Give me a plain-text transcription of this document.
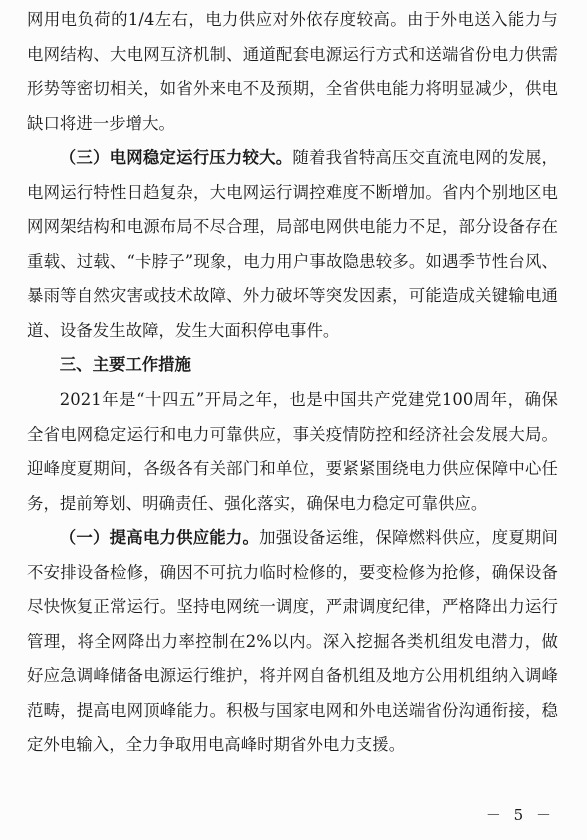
网用电负荷的1/4左右，电力供应对外依存度较高。由于外电送入能力与电网结构、大电网互济机制、通道配套电源运行方式和送端省份电力供需形势等密切相关，如省外来电不及预期，全省供电能力将明显减少，供电缺口将进一步增大。

（三）电网稳定运行压力较大。随着我省特高压交直流电网的发展，电网运行特性日趋复杂，大电网运行调控难度不断增加。省内个别地区电网网架结构和电源布局不尽合理，局部电网供电能力不足，部分设备存在重载、过载、“卡脖子”现象，电力用户事故隐患较多。如遇季节性台风、暴雨等自然灾害或技术故障、外力破坏等突发因素，可能造成关键输电通道、设备发生故障，发生大面积停电事件。

三、主要工作措施

2021年是“十四五”开局之年，也是中国共产党建党100周年，确保全省电网稳定运行和电力可靠供应，事关疫情防控和经济社会发展大局。迎峰度夏期间，各级各有关部门和单位，要紧紧围绕电力供应保障中心任务，提前筹划、明确责任、强化落实，确保电力稳定可靠供应。

（一）提高电力供应能力。加强设备运维，保障燃料供应，度夏期间不安排设备检修，确因不可抗力临时检修的，要变检修为抢修，确保设备尽快恢复正常运行。坚持电网统一调度，严肃调度纪律，严格降出力运行管理，将全网降出力率控制在2%以内。深入挖掘各类机组发电潜力，做好应急调峰储备电源运行维护，将并网自备机组及地方公用机组纳入调峰范畴，提高电网顶峰能力。积极与国家电网和外电送端省份沟通衔接，稳定外电输入，全力争取用电高峰时期省外电力支援。

－ 5 －
